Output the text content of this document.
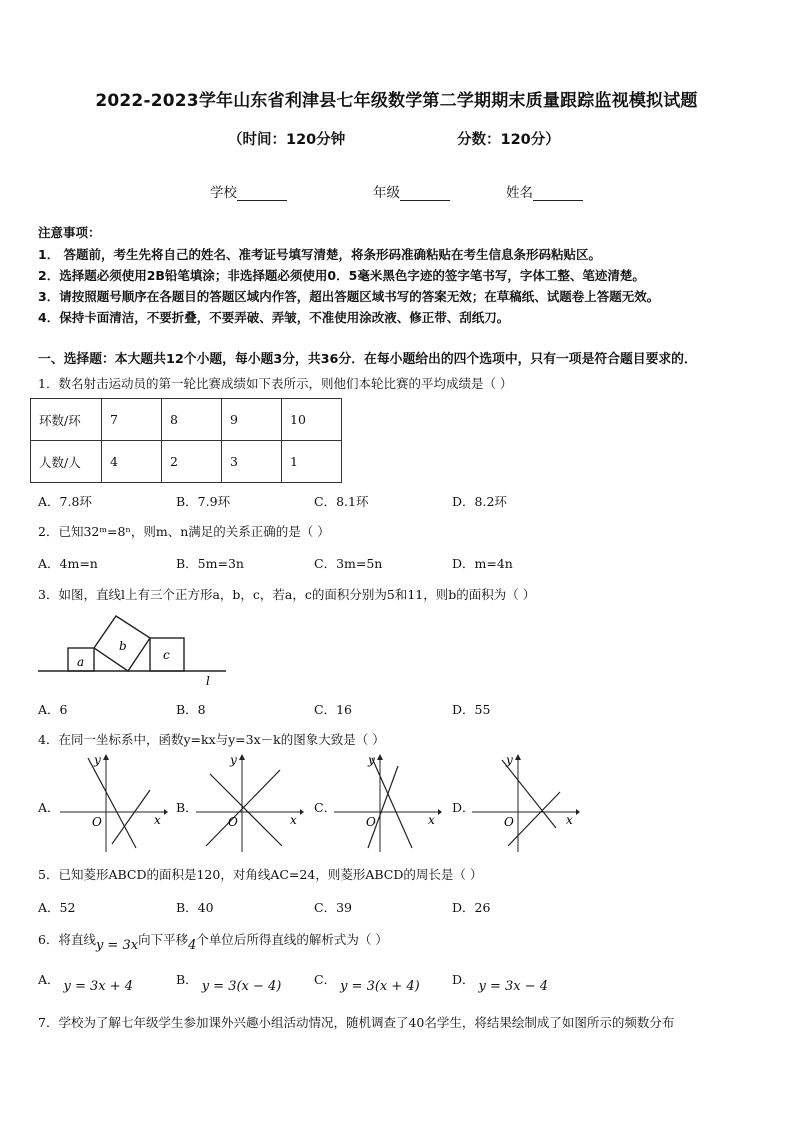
2022-2023学年山东省利津县七年级数学第二学期期末质量跟踪监视模拟试题
（时间：120分钟	分数：120分）
学校	年级	姓名
注意事项：
1． 答题前，考生先将自己的姓名、准考证号填写清楚，将条形码准确粘贴在考生信息条形码粘贴区。
2．选择题必须使用2B铅笔填涂；非选择题必须使用0．5毫米黑色字迹的签字笔书写，字体工整、笔迹清楚。
3．请按照题号顺序在各题目的答题区域内作答，超出答题区域书写的答案无效；在草稿纸、试题卷上答题无效。
4．保持卡面清洁，不要折叠，不要弄破、弄皱，不准使用涂改液、修正带、刮纸刀。
一、选择题：本大题共12个小题，每小题3分，共36分．在每小题给出的四个选项中，只有一项是符合题目要求的．
1．数名射击运动员的第一轮比赛成绩如下表所示，则他们本轮比赛的平均成绩是（ ）
环数/环	7	8	9	10
人数/人	4	2	3	1
A．7.8环	B．7.9环	C．8.1环	D．8.2环
2．已知32ᵐ=8ⁿ，则m、n满足的关系正确的是（ ）
A．4m=n	B．5m=3n	C．3m=5n	D．m=4n
3．如图，直线l上有三个正方形a，b，c，若a，c的面积分别为5和11，则b的面积为（ ）
a
b
c
l
A．6	B．8	C．16	D．55
4．在同一坐标系中，函数y=kx与y=3x－k的图象大致是（ ）
A．
y
x
O
B．
y
x
O
C．
y
x
O
D．
y
x
O
5．已知菱形ABCD的面积是120，对角线AC=24，则菱形ABCD的周长是（ ）
A．52	B．40	C．39	D．26
6．将直线y = 3x向下平移4个单位后所得直线的解析式为（ ）
A． y = 3x + 4	B． y = 3(x − 4)	C． y = 3(x + 4)	D． y = 3x − 4
7．学校为了解七年级学生参加课外兴趣小组活动情况，随机调查了40名学生，将结果绘制成了如图所示的频数分布
